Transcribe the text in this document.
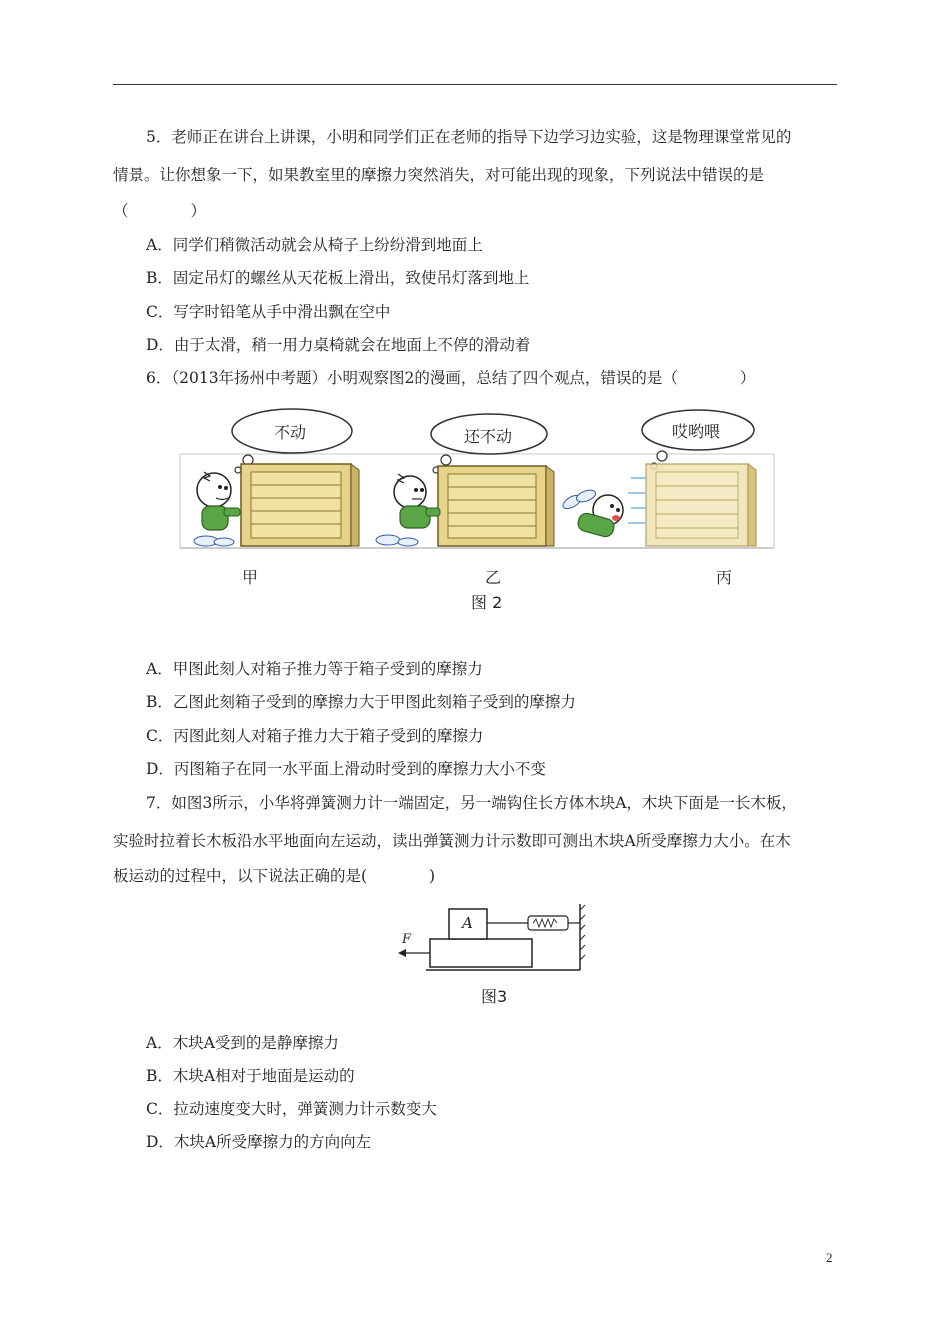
5．老师正在讲台上讲课，小明和同学们正在老师的指导下边学习边实验，这是物理课堂常见的
情景。让你想象一下，如果教室里的摩擦力突然消失，对可能出现的现象，下列说法中错误的是
（　　　　）
A．同学们稍微活动就会从椅子上纷纷滑到地面上
B．固定吊灯的螺丝从天花板上滑出，致使吊灯落到地上
C．写字时铅笔从手中滑出飘在空中
D．由于太滑，稍一用力桌椅就会在地面上不停的滑动着
6．（2013年扬州中考题）小明观察图2的漫画，总结了四个观点，错误的是（　　　　）
不动	还不动	哎哟喂
甲	乙	丙
图 2
A．甲图此刻人对箱子推力等于箱子受到的摩擦力
B．乙图此刻箱子受到的摩擦力大于甲图此刻箱子受到的摩擦力
C．丙图此刻人对箱子推力大于箱子受到的摩擦力
D．丙图箱子在同一水平面上滑动时受到的摩擦力大小不变
7．如图3所示，小华将弹簧测力计一端固定，另一端钩住长方体木块A，木块下面是一长木板，
实验时拉着长木板沿水平地面向左运动，读出弹簧测力计示数即可测出木块A所受摩擦力大小。在木
板运动的过程中，以下说法正确的是(　　　　)
A
F
图3
A．木块A受到的是静摩擦力
B．木块A相对于地面是运动的
C．拉动速度变大时，弹簧测力计示数变大
D．木块A所受摩擦力的方向向左
2
